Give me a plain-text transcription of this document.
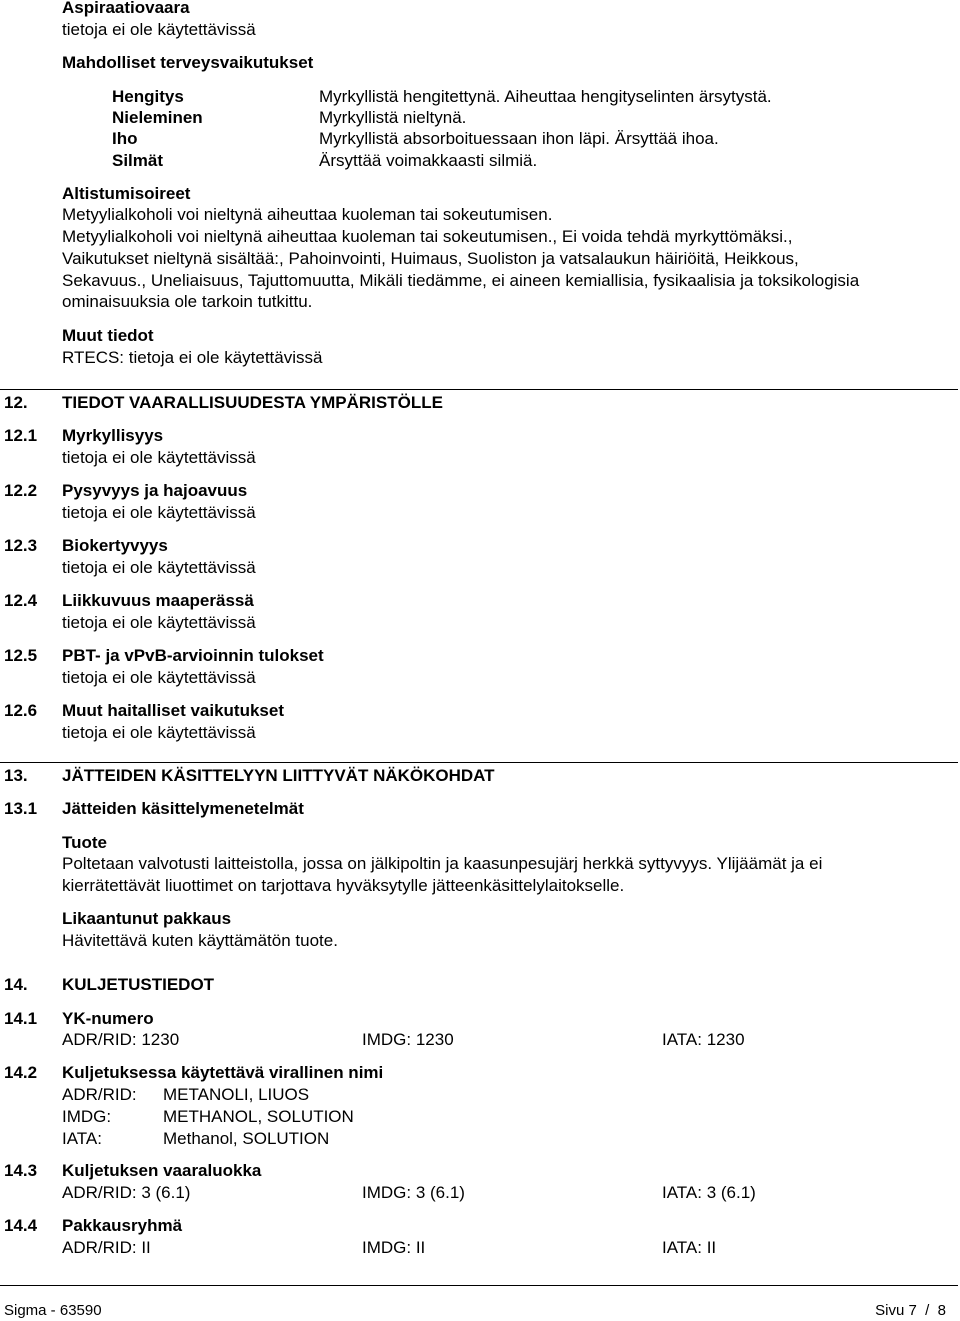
Aspiraatiovaara
tietoja ei ole käytettävissä
Mahdolliset terveysvaikutukset
Hengitys	Myrkyllistä hengitettynä. Aiheuttaa hengityselinten ärsytystä.
Nieleminen	Myrkyllistä nieltynä.
Iho	Myrkyllistä absorboituessaan ihon läpi. Ärsyttää ihoa.
Silmät	Ärsyttää voimakkaasti silmiä.
Altistumisoireet
Metyylialkoholi voi nieltynä aiheuttaa kuoleman tai sokeutumisen.
Metyylialkoholi voi nieltynä aiheuttaa kuoleman tai sokeutumisen., Ei voida tehdä myrkyttömäksi.,
Vaikutukset nieltynä sisältää:, Pahoinvointi, Huimaus, Suoliston ja vatsalaukun häiriöitä, Heikkous,
Sekavuus., Uneliaisuus, Tajuttomuutta, Mikäli tiedämme, ei aineen kemiallisia, fysikaalisia ja toksikologisia
ominaisuuksia ole tarkoin tutkittu.
Muut tiedot
RTECS: tietoja ei ole käytettävissä
12. TIEDOT VAARALLISUUDESTA YMPÄRISTÖLLE
12.1 Myrkyllisyys
tietoja ei ole käytettävissä
12.2 Pysyvyys ja hajoavuus
tietoja ei ole käytettävissä
12.3 Biokertyvyys
tietoja ei ole käytettävissä
12.4 Liikkuvuus maaperässä
tietoja ei ole käytettävissä
12.5 PBT- ja vPvB-arvioinnin tulokset
tietoja ei ole käytettävissä
12.6 Muut haitalliset vaikutukset
tietoja ei ole käytettävissä
13. JÄTTEIDEN KÄSITTELYYN LIITTYVÄT NÄKÖKOHDAT
13.1 Jätteiden käsittelymenetelmät
Tuote
Poltetaan valvotusti laitteistolla, jossa on jälkipoltin ja kaasunpesujärj herkkä syttyvyys. Ylijäämät ja ei
kierrätettävät liuottimet on tarjottava hyväksytylle jätteenkäsittelylaitokselle.
Likaantunut pakkaus
Hävitettävä kuten käyttämätön tuote.
14. KULJETUSTIEDOT
14.1 YK-numero
ADR/RID: 1230	IMDG: 1230	IATA: 1230
14.2 Kuljetuksessa käytettävä virallinen nimi
ADR/RID: METANOLI, LIUOS
IMDG:	METHANOL, SOLUTION
IATA:	Methanol, SOLUTION
14.3 Kuljetuksen vaaraluokka
ADR/RID: 3 (6.1)	IMDG: 3 (6.1)	IATA: 3 (6.1)
14.4 Pakkausryhmä
ADR/RID: II	IMDG: II	IATA: II
Sigma - 63590	Sivu 7  /  8
